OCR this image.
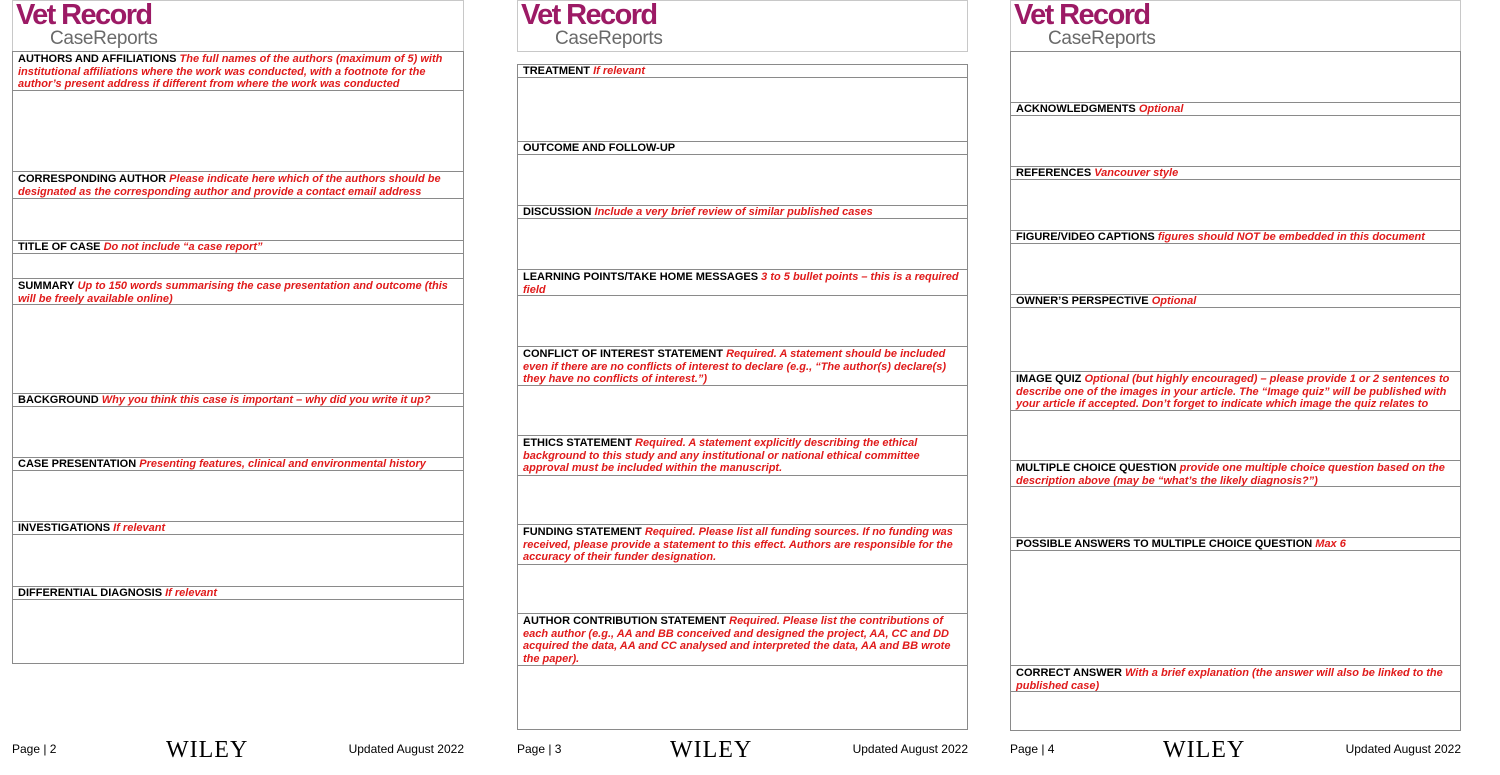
Vet Record
CaseReports
AUTHORS AND AFFILIATIONS The full names of the authors (maximum of 5) with institutional affiliations where the work was conducted, with a footnote for the author’s present address if different from where the work was conducted
CORRESPONDING AUTHOR Please indicate here which of the authors should be designated as the corresponding author and provide a contact email address
TITLE OF CASE Do not include “a case report”
SUMMARY Up to 150 words summarising the case presentation and outcome (this will be freely available online)
BACKGROUND Why you think this case is important – why did you write it up?
CASE PRESENTATION Presenting features, clinical and environmental history
INVESTIGATIONS If relevant
DIFFERENTIAL DIAGNOSIS If relevant
Page | 2	WILEY	Updated August 2022
Vet Record
CaseReports
TREATMENT If relevant
OUTCOME AND FOLLOW-UP
DISCUSSION Include a very brief review of similar published cases
LEARNING POINTS/TAKE HOME MESSAGES 3 to 5 bullet points – this is a required field
CONFLICT OF INTEREST STATEMENT Required. A statement should be included even if there are no conflicts of interest to declare (e.g., “The author(s) declare(s) they have no conflicts of interest.”)
ETHICS STATEMENT Required. A statement explicitly describing the ethical background to this study and any institutional or national ethical committee approval must be included within the manuscript.
FUNDING STATEMENT Required. Please list all funding sources. If no funding was received, please provide a statement to this effect. Authors are responsible for the accuracy of their funder designation.
AUTHOR CONTRIBUTION STATEMENT Required. Please list the contributions of each author (e.g., AA and BB conceived and designed the project, AA, CC and DD acquired the data, AA and CC analysed and interpreted the data, AA and BB wrote the paper).
Page | 3	WILEY	Updated August 2022
Vet Record
CaseReports
ACKNOWLEDGMENTS Optional
REFERENCES Vancouver style
FIGURE/VIDEO CAPTIONS figures should NOT be embedded in this document
OWNER’S PERSPECTIVE Optional
IMAGE QUIZ Optional (but highly encouraged) – please provide 1 or 2 sentences to describe one of the images in your article. The “Image quiz” will be published with your article if accepted. Don’t forget to indicate which image the quiz relates to
MULTIPLE CHOICE QUESTION provide one multiple choice question based on the description above (may be “what’s the likely diagnosis?”)
POSSIBLE ANSWERS TO MULTIPLE CHOICE QUESTION Max 6
CORRECT ANSWER With a brief explanation (the answer will also be linked to the published case)
Page | 4	WILEY	Updated August 2022
